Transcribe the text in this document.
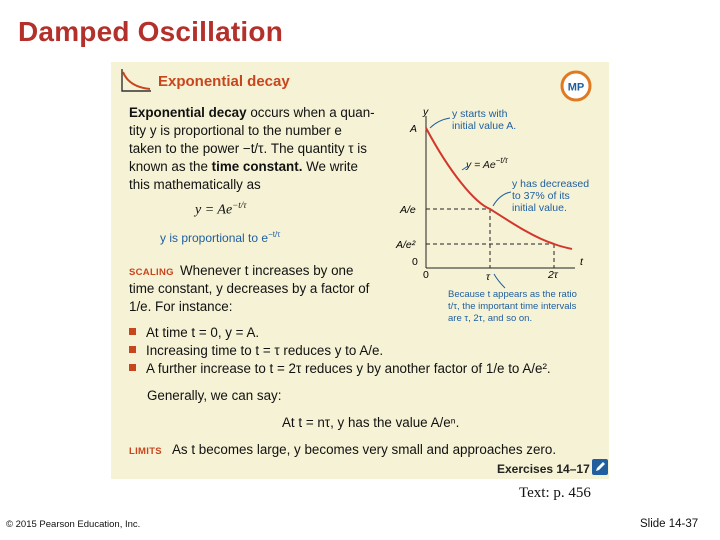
Damped Oscillation
Exponential decay	MP
Exponential decay occurs when a quan-
tity y is proportional to the number e
taken to the power −t/τ. The quantity τ is
known as the time constant. We write
this mathematically as
$y = Ae^{-t/\tau}$
y is proportional to $e^{-t/\tau}$
SCALING Whenever t increases by one
time constant, y decreases by a factor of
1/e. For instance:
At time t = 0, y = A.
Increasing time to t = τ reduces y to A/e.
A further increase to t = 2τ reduces y by another factor of 1/e to A/e².
Generally, we can say:
At t = nτ, y has the value A/eⁿ.
LIMITS As t becomes large, y becomes very small and approaches zero.
Exercises 14–17
y
t
A
A/e
A/e²
0
0	τ	2τ
$y = Ae^{-t/\tau}$
y starts with
initial value A.
y has decreased
to 37% of its
initial value.
Because t appears as the ratio
t/τ, the important time intervals
are τ, 2τ, and so on.
Text: p. 456
© 2015 Pearson Education, Inc.	Slide 14-37
